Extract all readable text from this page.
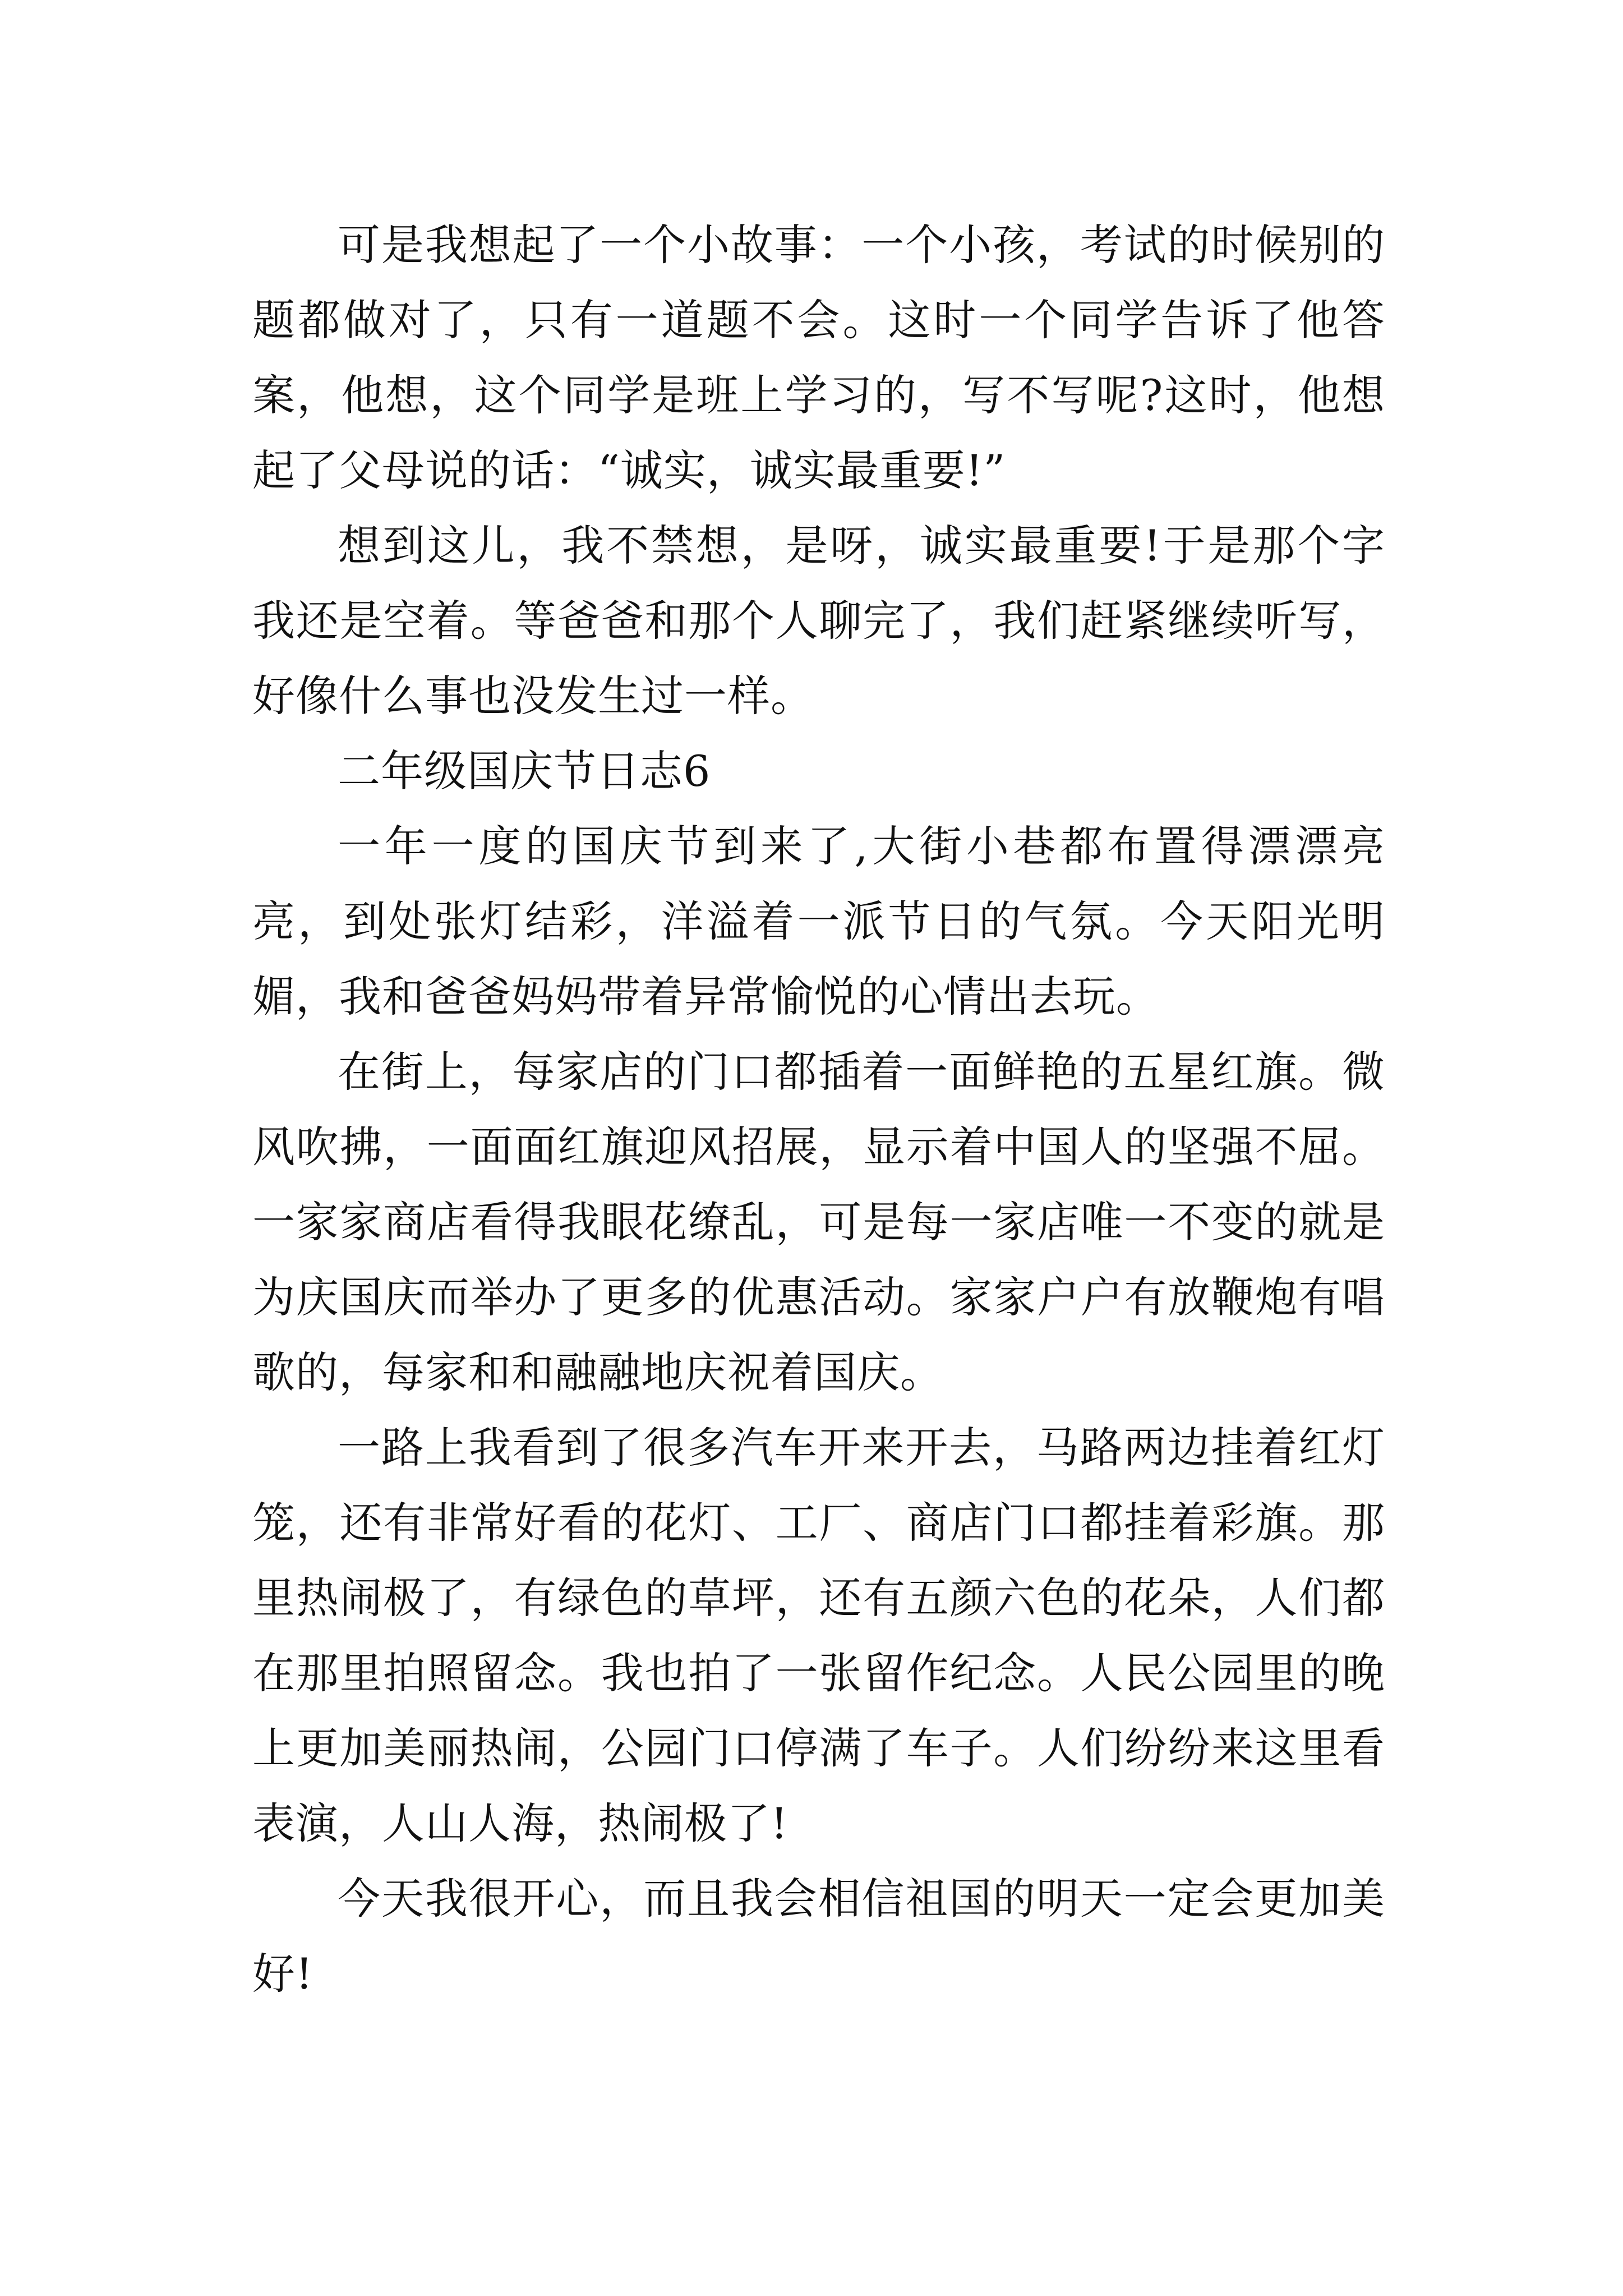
可是我想起了一个小故事：一个小孩，考试的时候别的题都做对了，只有一道题不会。这时一个同学告诉了他答案，他想，这个同学是班上学习的，写不写呢?这时，他想起了父母说的话：“诚实，诚实最重要!”

想到这儿，我不禁想，是呀，诚实最重要!于是那个字我还是空着。等爸爸和那个人聊完了，我们赶紧继续听写，好像什么事也没发生过一样。

二年级国庆节日志6

一年一度的国庆节到来了,大街小巷都布置得漂漂亮亮，到处张灯结彩，洋溢着一派节日的气氛。今天阳光明媚，我和爸爸妈妈带着异常愉悦的心情出去玩。

在街上，每家店的门口都插着一面鲜艳的五星红旗。微风吹拂，一面面红旗迎风招展，显示着中国人的坚强不屈。一家家商店看得我眼花缭乱，可是每一家店唯一不变的就是为庆国庆而举办了更多的优惠活动。家家户户有放鞭炮有唱歌的，每家和和融融地庆祝着国庆。

一路上我看到了很多汽车开来开去，马路两边挂着红灯笼，还有非常好看的花灯、工厂、商店门口都挂着彩旗。那里热闹极了，有绿色的草坪，还有五颜六色的花朵，人们都在那里拍照留念。我也拍了一张留作纪念。人民公园里的晚上更加美丽热闹，公园门口停满了车子。人们纷纷来这里看表演，人山人海，热闹极了!

今天我很开心，而且我会相信祖国的明天一定会更加美好!
